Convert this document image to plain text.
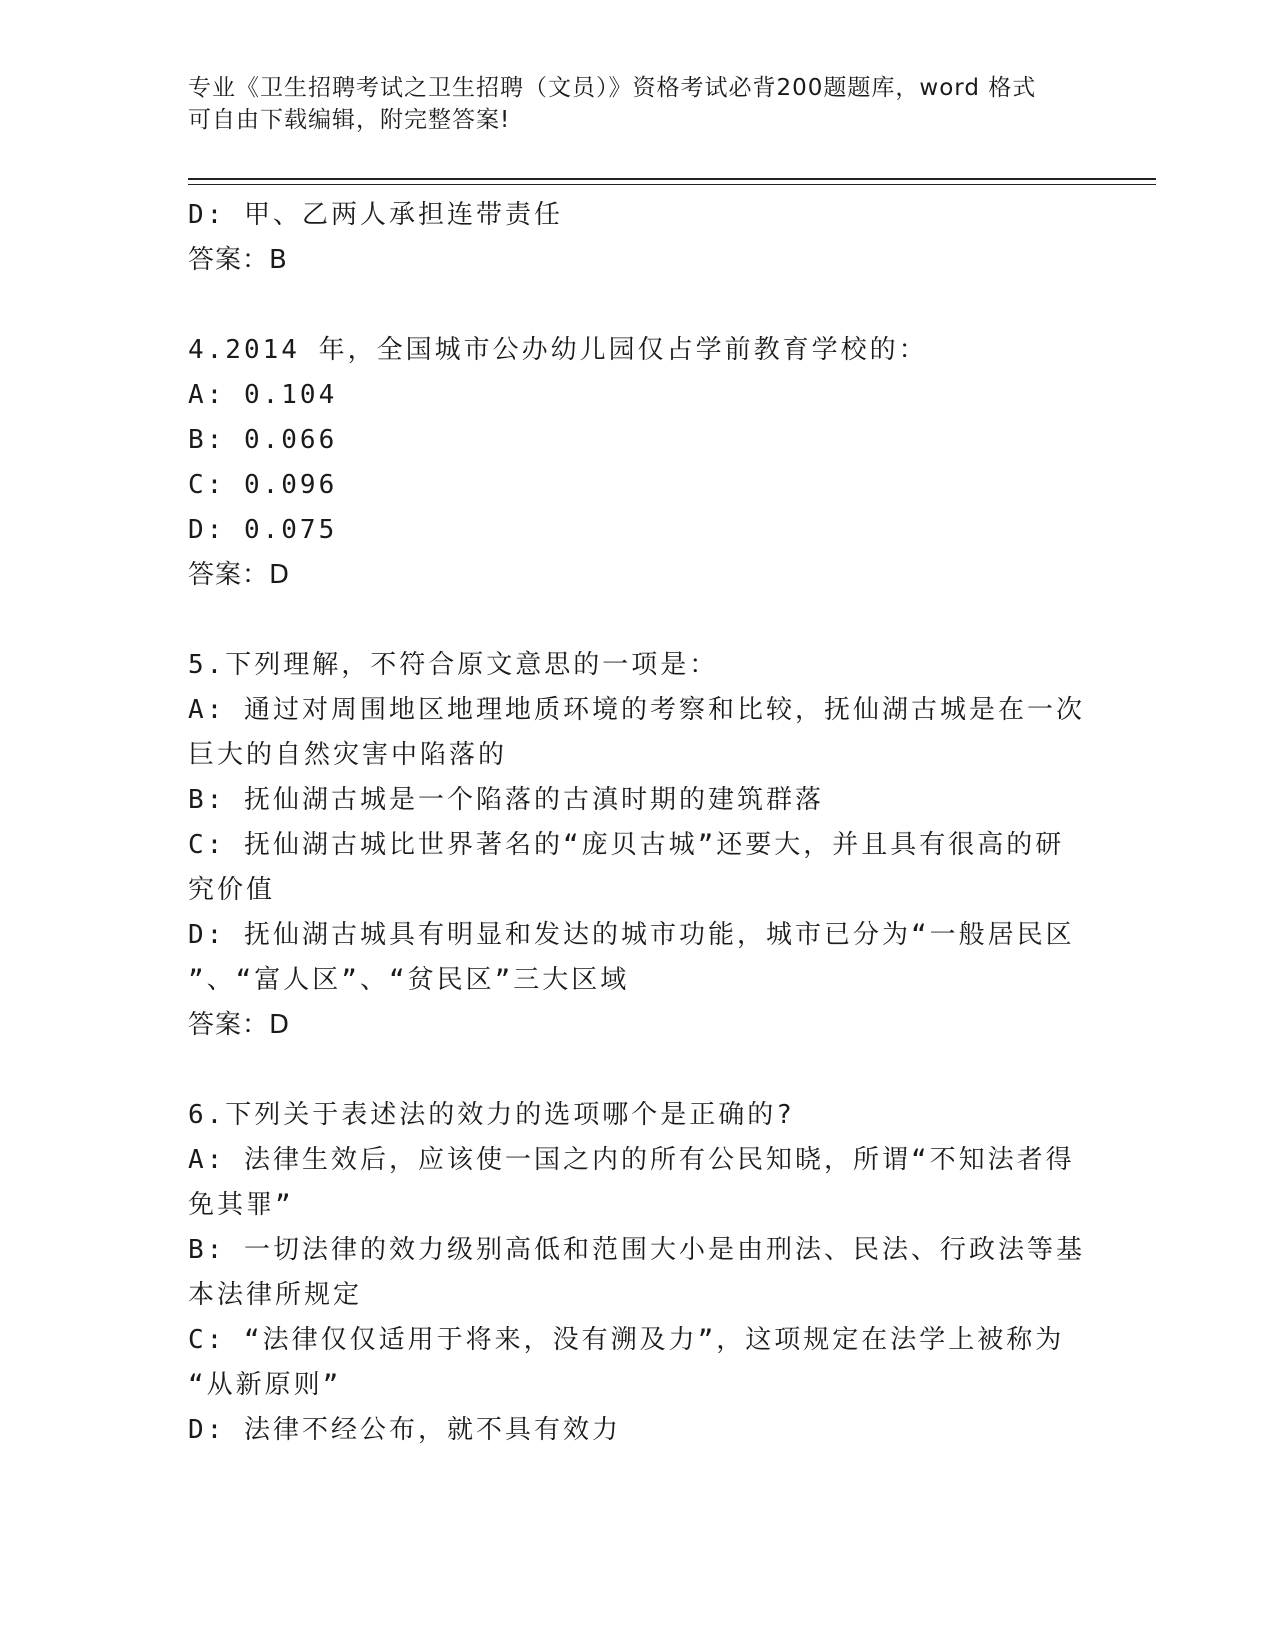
专业《卫生招聘考试之卫生招聘（文员）》资格考试必背200题题库，word 格式
可自由下载编辑，附完整答案!
D: 甲、乙两人承担连带责任
答案：B
4.2014 年，全国城市公办幼儿园仅占学前教育学校的：
A: 0.104
B: 0.066
C: 0.096
D: 0.075
答案：D
5.下列理解，不符合原文意思的一项是：
A: 通过对周围地区地理地质环境的考察和比较，抚仙湖古城是在一次
巨大的自然灾害中陷落的
B: 抚仙湖古城是一个陷落的古滇时期的建筑群落
C: 抚仙湖古城比世界著名的“庞贝古城”还要大，并且具有很高的研
究价值
D: 抚仙湖古城具有明显和发达的城市功能，城市已分为“一般居民区
”、“富人区”、“贫民区”三大区域
答案：D
6.下列关于表述法的效力的选项哪个是正确的?
A: 法律生效后，应该使一国之内的所有公民知晓，所谓“不知法者得
免其罪”
B: 一切法律的效力级别高低和范围大小是由刑法、民法、行政法等基
本法律所规定
C: “法律仅仅适用于将来，没有溯及力”，这项规定在法学上被称为
“从新原则”
D: 法律不经公布，就不具有效力
